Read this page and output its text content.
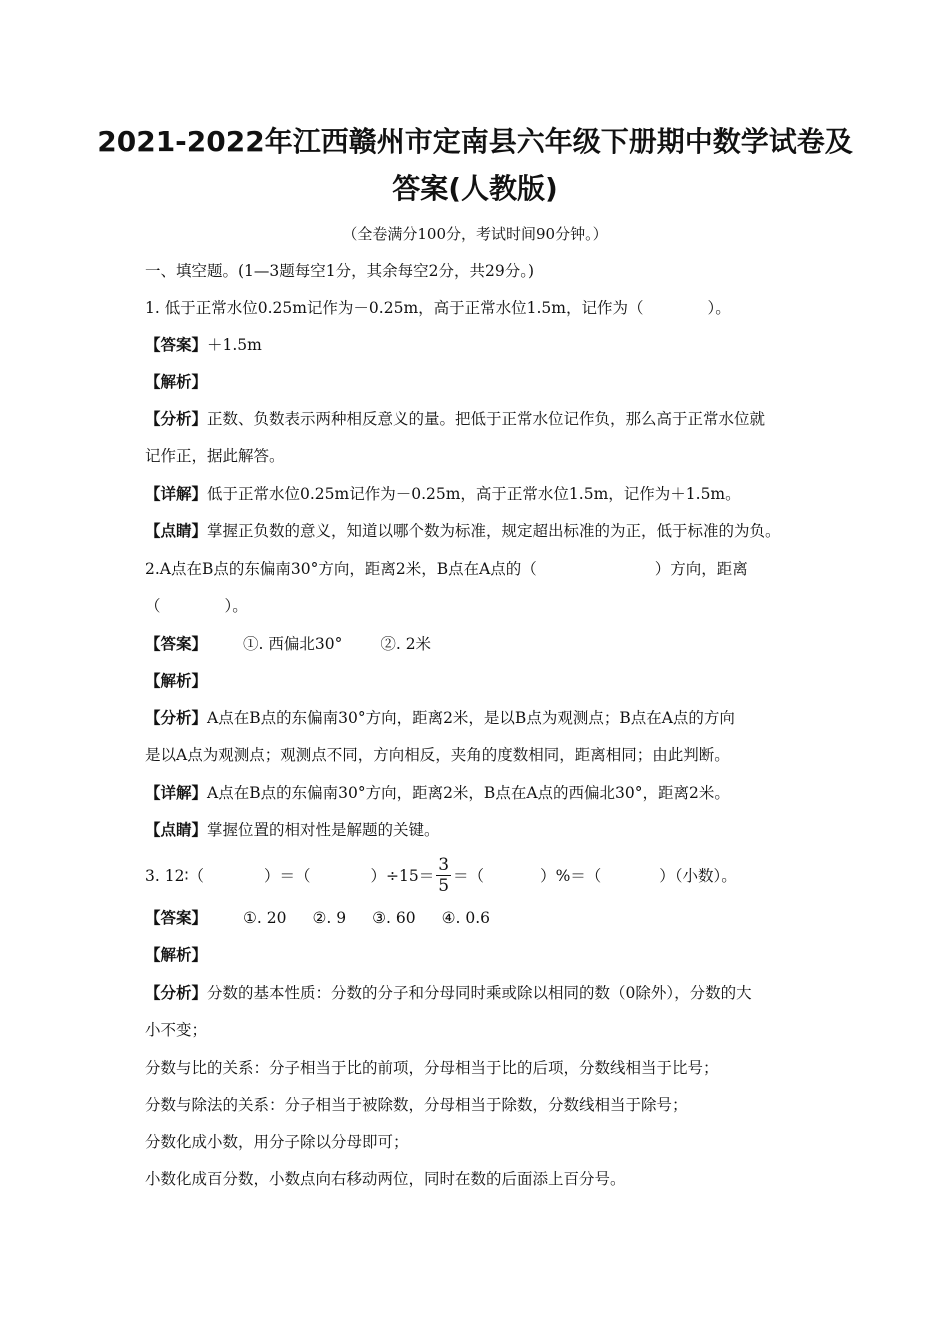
2021-2022年江西赣州市定南县六年级下册期中数学试卷及
答案(人教版)
（全卷满分100分，考试时间90分钟。）
一、填空题。(1—3题每空1分，其余每空2分，共29分。)
1. 低于正常水位0.25m记作为－0.25m，高于正常水位1.5m，记作为（	）。
【答案】＋1.5m
【解析】
【分析】正数、负数表示两种相反意义的量。把低于正常水位记作负，那么高于正常水位就
记作正，据此解答。
【详解】低于正常水位0.25m记作为－0.25m，高于正常水位1.5m，记作为＋1.5m。
【点睛】掌握正负数的意义，知道以哪个数为标准，规定超出标准的为正，低于标准的为负。
2.A点在B点的东偏南30°方向，距离2米，B点在A点的（	）方向，距离
（	）。
【答案】 ①. 西偏北30° ②. 2米
【解析】
【分析】A点在B点的东偏南30°方向，距离2米，是以B点为观测点；B点在A点的方向
是以A点为观测点；观测点不同，方向相反，夹角的度数相同，距离相同；由此判断。
【详解】A点在B点的东偏南30°方向，距离2米，B点在A点的西偏北30°，距离2米。
【点睛】掌握位置的相对性是解题的关键。
3. 12∶（	）＝（	）$\div 15= \frac{3}{5}$ ＝（	）%＝（	）（小数）。
【答案】 ①. 20 ②. 9 ③. 60 ④. 0.6
【解析】
【分析】分数的基本性质：分数的分子和分母同时乘或除以相同的数（0除外），分数的大
小不变；
分数与比的关系：分子相当于比的前项，分母相当于比的后项，分数线相当于比号；
分数与除法的关系：分子相当于被除数，分母相当于除数，分数线相当于除号；
分数化成小数，用分子除以分母即可；
小数化成百分数，小数点向右移动两位，同时在数的后面添上百分号。
